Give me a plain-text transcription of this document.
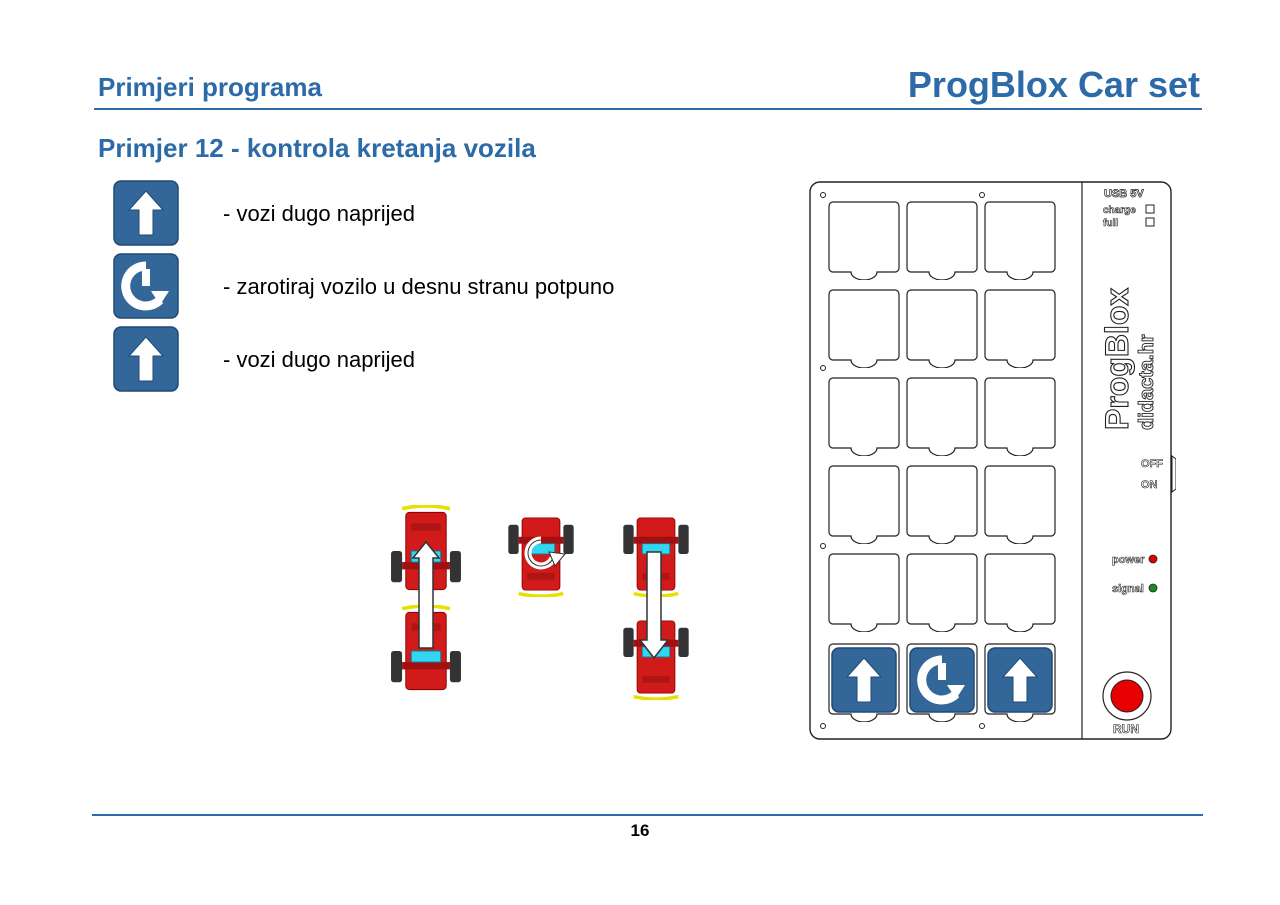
Primjeri programa	ProgBlox Car set
Primjer 12 - kontrola kretanja vozila
- vozi dugo naprijed
- zarotiraj vozilo u desnu stranu potpuno
- vozi dugo naprijed
USB 5V
charge
full
ProgBlox didacta.hr
OFF
ON
power
signal
RUN
16
